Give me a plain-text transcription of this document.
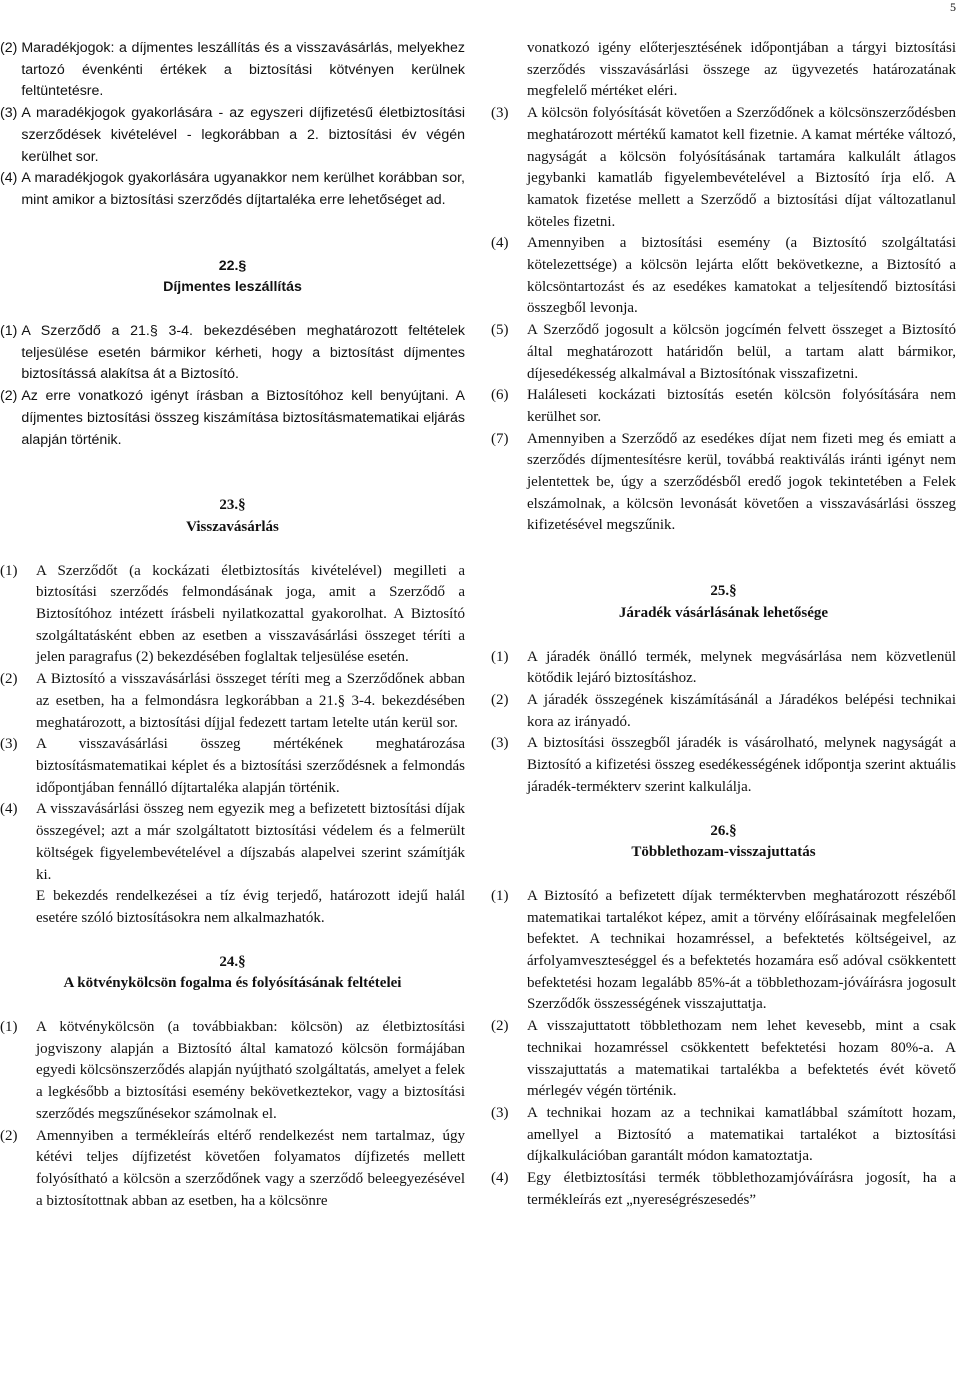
5
(2) Maradékjogok: a díjmentes leszállítás és a visszavásárlás, melyekhez tartozó évenkénti értékek a biztosítási kötvényen kerülnek feltüntetésre.
(3) A maradékjogok gyakorlására - az egyszeri díjfizetésű életbiztosítási szerződések kivételével - legkorábban a 2. biztosítási év végén kerülhet sor.
(4) A maradékjogok gyakorlására ugyanakkor nem kerülhet korábban sor, mint amikor a biztosítási szerződés díjtartaléka erre lehetőséget ad.
22.§
Díjmentes leszállítás
(1) A Szerződő a 21.§ 3-4. bekezdésében meghatározott feltételek teljesülése esetén bármikor kérheti, hogy a biztosítást díjmentes biztosítássá alakítsa át a Biztosító.
(2) Az erre vonatkozó igényt írásban a Biztosítóhoz kell benyújtani. A díjmentes biztosítási összeg kiszámítása biztosításmatematikai eljárás alapján történik.
23.§
Visszavásárlás
(1)	A Szerződőt (a kockázati életbiztosítás kivételével) megilleti a biztosítási szerződés felmondásának joga, amit a Szerződő a Biztosítóhoz intézett írásbeli nyilatkozattal gyakorolhat. A Biztosító szolgáltatásként ebben az esetben a visszavásárlási összeget téríti a jelen paragrafus (2) bekezdésében foglaltak teljesülése esetén.
(2)	A Biztosító a visszavásárlási összeget téríti meg a Szerződőnek abban az esetben, ha a felmondásra legkorábban a 21.§ 3-4. bekezdésében meghatározott, a biztosítási díjjal fedezett tartam letelte után kerül sor.
(3)	A visszavásárlási összeg mértékének meghatározása biztosításmatematikai képlet és a biztosítási szerződésnek a felmondás időpontjában fennálló díjtartaléka alapján történik.
(4)	A visszavásárlási összeg nem egyezik meg a befizetett biztosítási díjak összegével; azt a már szolgáltatott biztosítási védelem és a felmerült költségek figyelembevételével a díjszabás alapelvei szerint számítják ki.

E bekezdés rendelkezései a tíz évig terjedő, határozott idejű halál esetére szóló biztosításokra nem alkalmazhatók.

24.§
A kötvénykölcsön fogalma és folyósításának feltételei
(1)	A kötvénykölcsön (a továbbiakban: kölcsön) az életbiztosítási jogviszony alapján a Biztosító által kamatozó kölcsön formájában egyedi kölcsönszerződés alapján nyújtható szolgáltatás, amelyet a felek a legkésőbb a biztosítási esemény bekövetkeztekor, vagy a biztosítási szerződés megszűnésekor számolnak el.
(2)	Amennyiben a termékleírás eltérő rendelkezést nem tartalmaz, úgy kétévi teljes díjfizetést követően folyamatos díjfizetés mellett folyósítható a kölcsön a szerződőnek vagy a szerződő beleegyezésével a biztosítottnak abban az esetben, ha a kölcsönre

vonatkozó igény előterjesztésének időpontjában a tárgyi biztosítási szerződés visszavásárlási összege az ügyvezetés határozatának megfelelő mértéket eléri.

(3)	A kölcsön folyósítását követően a Szerződőnek a kölcsönszerződésben meghatározott mértékű kamatot kell fizetnie. A kamat mértéke változó, nagyságát a kölcsön folyósításának tartamára kalkulált átlagos jegybanki kamatláb figyelembevételével a Biztosító írja elő. A kamatok fizetése mellett a Szerződő a biztosítási díjat változatlanul köteles fizetni.
(4)	Amennyiben a biztosítási esemény (a Biztosító szolgáltatási kötelezettsége) a kölcsön lejárta előtt bekövetkezne, a Biztosító a kölcsöntartozást és az esedékes kamatokat a teljesítendő biztosítási összegből levonja.
(5)	A Szerződő jogosult a kölcsön jogcímén felvett összeget a Biztosító által meghatározott határidőn belül, a tartam alatt bármikor, díjesedékesség alkalmával a Biztosítónak visszafizetni.
(6)	Haláleseti kockázati biztosítás esetén kölcsön folyósítására nem kerülhet sor.
(7)	Amennyiben a Szerződő az esedékes díjat nem fizeti meg és emiatt a szerződés díjmentesítésre kerül, továbbá reaktiválás iránti igényt nem jelentettek be, úgy a szerződésből eredő jogok tekintetében a Felek elszámolnak, a kölcsön levonását követően a visszavásárlási összeg kifizetésével megszűnik.
25.§
Járadék vásárlásának lehetősége
(1)	A járadék önálló termék, melynek megvásárlása nem közvetlenül kötődik lejáró biztosításhoz.
(2)	A járadék összegének kiszámításánál a Járadékos belépési technikai kora az irányadó.
(3)	A biztosítási összegből járadék is vásárolható, melynek nagyságát a Biztosító a kifizetési összeg esedékességének időpontja szerint aktuális járadék-termékterv szerint kalkulálja.
26.§
Többlethozam-visszajuttatás
(1)	A Biztosító a befizetett díjak terméktervben meghatározott részéből matematikai tartalékot képez, amit a törvény előírásainak megfelelően befektet. A technikai hozamréssel, a befektetés költségeivel, az árfolyamveszteséggel és a befektetés hozamára eső adóval csökkentett befektetési hozam legalább 85%-át a többlethozam-jóváírásra jogosult Szerződők összességének visszajuttatja.
(2)	A visszajuttatott többlethozam nem lehet kevesebb, mint a csak technikai hozamréssel csökkentett befektetési hozam 80%-a. A visszajuttatás a matematikai tartalékba a befektetés évét követő mérlegév végén történik.
(3)	A technikai hozam az a technikai kamatlábbal számított hozam, amellyel a Biztosító a matematikai tartalékot a biztosítási díjkalkulációban garantált módon kamatoztatja.
(4)	Egy életbiztosítási termék többlethozamjóváírásra jogosít, ha a termékleírás ezt „nyereségrészesedés”
